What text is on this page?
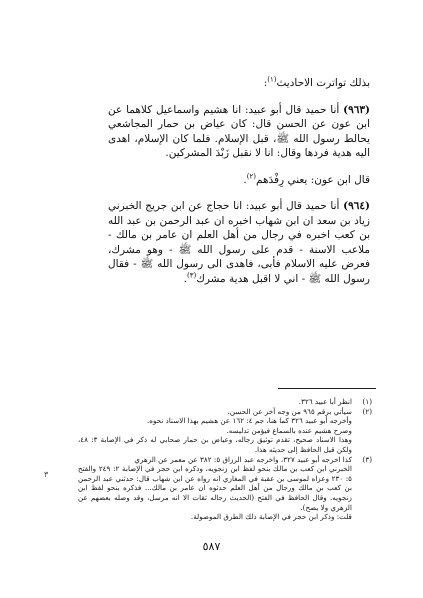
بذلك تواترت الاحاديث$^{(١)}$:

(٩٦٣) أنا حميد قال أبو عبيد: انا هشيم واسماعيل كلاهما عن ابن عون عن الحسن قال: كان عياض بن حمار المجاشعي يحالط رسول الله ﷺ، قبل الإسلام. فلما كان الإسلام، اهدى اليه هدية فردها وقال: انا لا نقبل زَبْدَ المشركين.

قال ابن عون: يعني رِفْدَهم$^{(٢)}$.

(٩٦٤) أنا حميد قال أبو عبيد: انا حجاج عن ابن جريج الخبرني زياد بن سعد ان ابن شهاب اخبره ان عبد الرحمن بن عبد الله بن كعب اخبره في رجال من أهل العلم ان عامر بن مالك - ملاعب الاسنة - قدم على رسول الله ﷺ - وهو مشرك، فعرض عليه الاسلام فأبى، فاهدى الى رسول الله ﷺ - فقال رسول الله ﷺ - اني لا اقبل هدية مشرك$^{(٣)}$.

(١)
انظر أبا عبيد ٣٢٦.
(٢)
سيأتي برقم ٩٦٥ من وجه آخر عن الحسن.
وأخرجه أبو عبيد ٣٢٦ كما هنا، جم ٤: ١٦٢ عن هشيم بهذا الاسناد نحوه.
وصرح هشيم عنده بالسماع فيؤمن تدليسه.
وهذا الاسناد صحيح، تقدم توثيق رجاله، وعياض بن حمار صحابي له ذكر في الإصابة ٣: ٤٨، ولكن قيل الحافظ إلى حديثه هذا.
(٣)
كذا اخرجه أبو عبيد ٣٢٧، واخرجه عبد الرزاق ٥: ٣٨٢ عن معمر عن الزهري
الخبرني ابن كعب بن مالك بنحو لفظ ابن زنجويه، وذكره ابن حجر في الإصابة ٢: ٢٤٩ والفتح ٥: ٢٣٠ وعزاه لموسى بن عقبة في المغازي انه رواه عن ابن شهاب قال: حدثني عبد الرحمن بن كعب بن مالك ورجال من أهل العلم حدثوه ان عامر بن مالك... فذكره بنحو لفظ ابن زنجويه. وقال الحافظ في الفتح (الحديث رجاله ثقات الا انه مرسل، وقد وصله بعضهم عن الزهري ولا يصح).
قلت: وذكر ابن حجر في الإصابة ذلك الطرق الموصولة.
٣
٥٨٧
